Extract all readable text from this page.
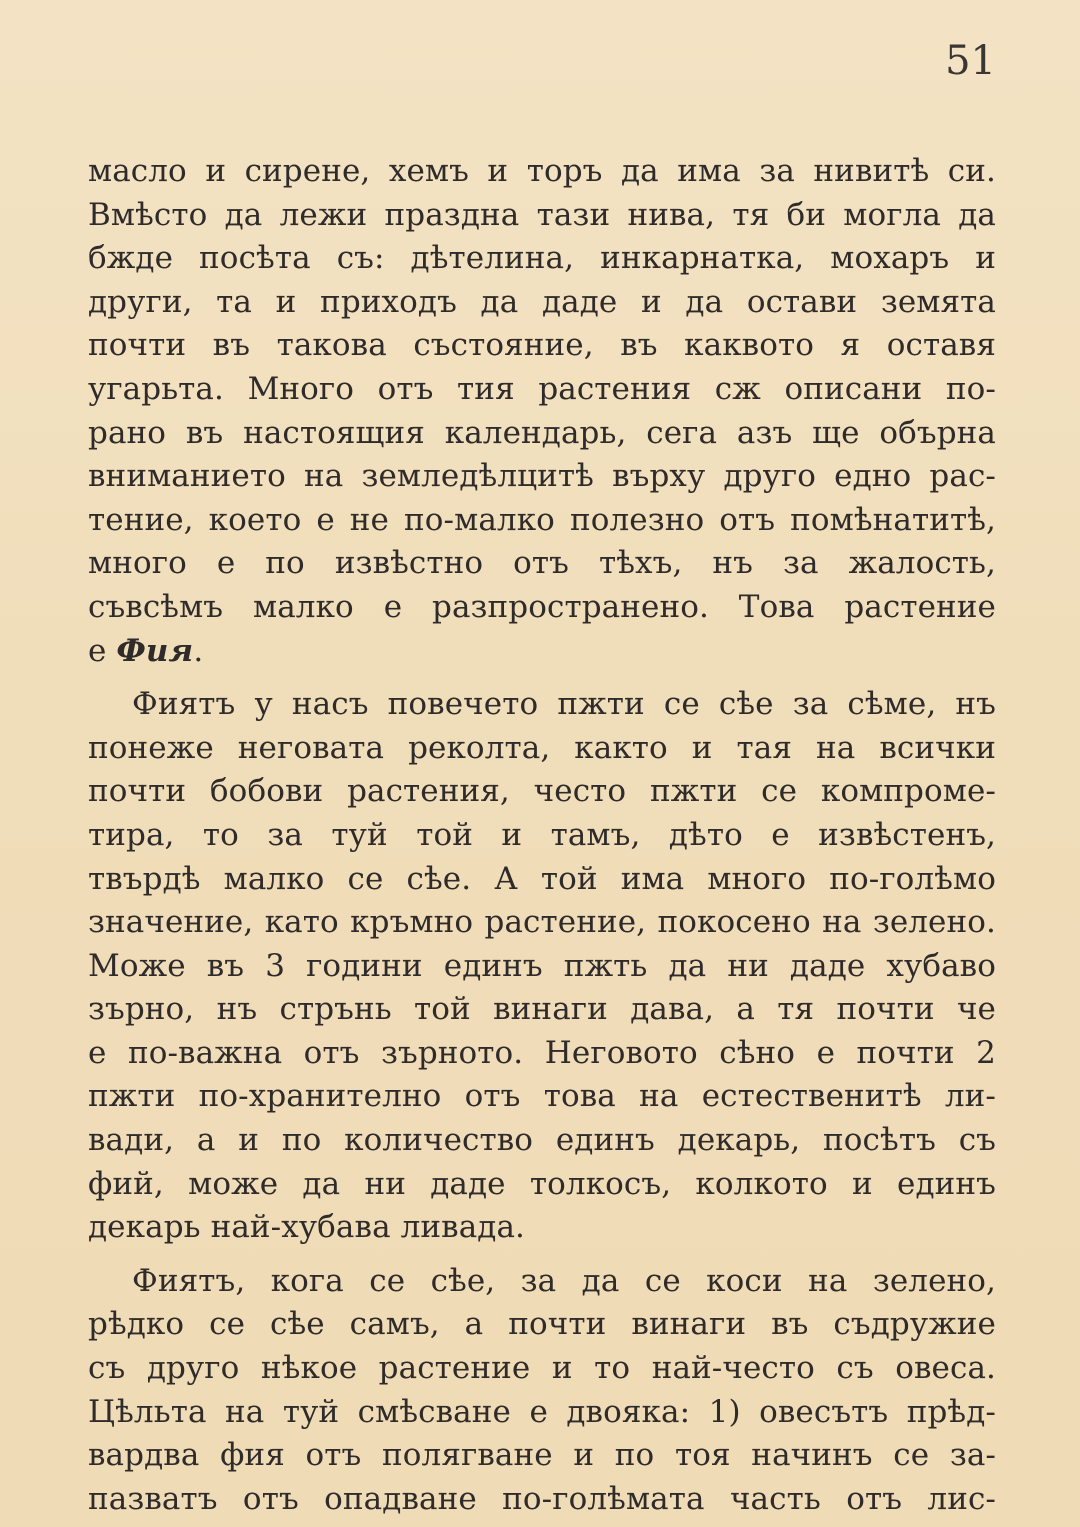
51
масло и сирене, хемъ и торъ да има за нивитѣ си.
Вмѣсто да лежи праздна тази нива, тя би могла да
бжде посѣта съ: дѣтелина, инкарнатка, мохаръ и
други, та и приходъ да даде и да остави земята
почти въ такова състояние, въ каквото я оставя
угарьта. Много отъ тия растения сж описани по-
рано въ настоящия календарь, сега азъ ще обърна
вниманието на земледѣлцитѣ върху друго едно рас-
тение, което е не по-малко полезно отъ помѣнатитѣ,
много е по извѣстно отъ тѣхъ, нъ за жалость,
съвсѣмъ малко е разпространено. Това растение
е Фия.
Фиятъ у насъ повечето пжти се сѣе за сѣме, нъ
понеже неговата реколта, както и тая на всички
почти бобови растения, често пжти се компроме-
тира, то за туй той и тамъ, дѣто е извѣстенъ,
твърдѣ малко се сѣе. А той има много по-голѣмо
значение, като кръмно растение, покосено на зелено.
Може въ 3 години единъ пжть да ни даде хубаво
зърно, нъ стрънь той винаги дава, а тя почти че
е по-важна отъ зърното. Неговото сѣно е почти 2
пжти по-хранително отъ това на естественитѣ ли-
вади, а и по количество единъ декарь, посѣтъ съ
фий, може да ни даде толкосъ, колкото и единъ
декарь най-хубава ливада.
Фиятъ, кога се сѣе, за да се коси на зелено,
рѣдко се сѣе самъ, а почти винаги въ съдружие
съ друго нѣкое растение и то най-често съ овеса.
Цѣльта на туй смѣсване е двояка: 1) овесътъ прѣд-
вардва фия отъ полягване и по тоя начинъ се за-
пазватъ отъ опадване по-голѣмата часть отъ лис-
